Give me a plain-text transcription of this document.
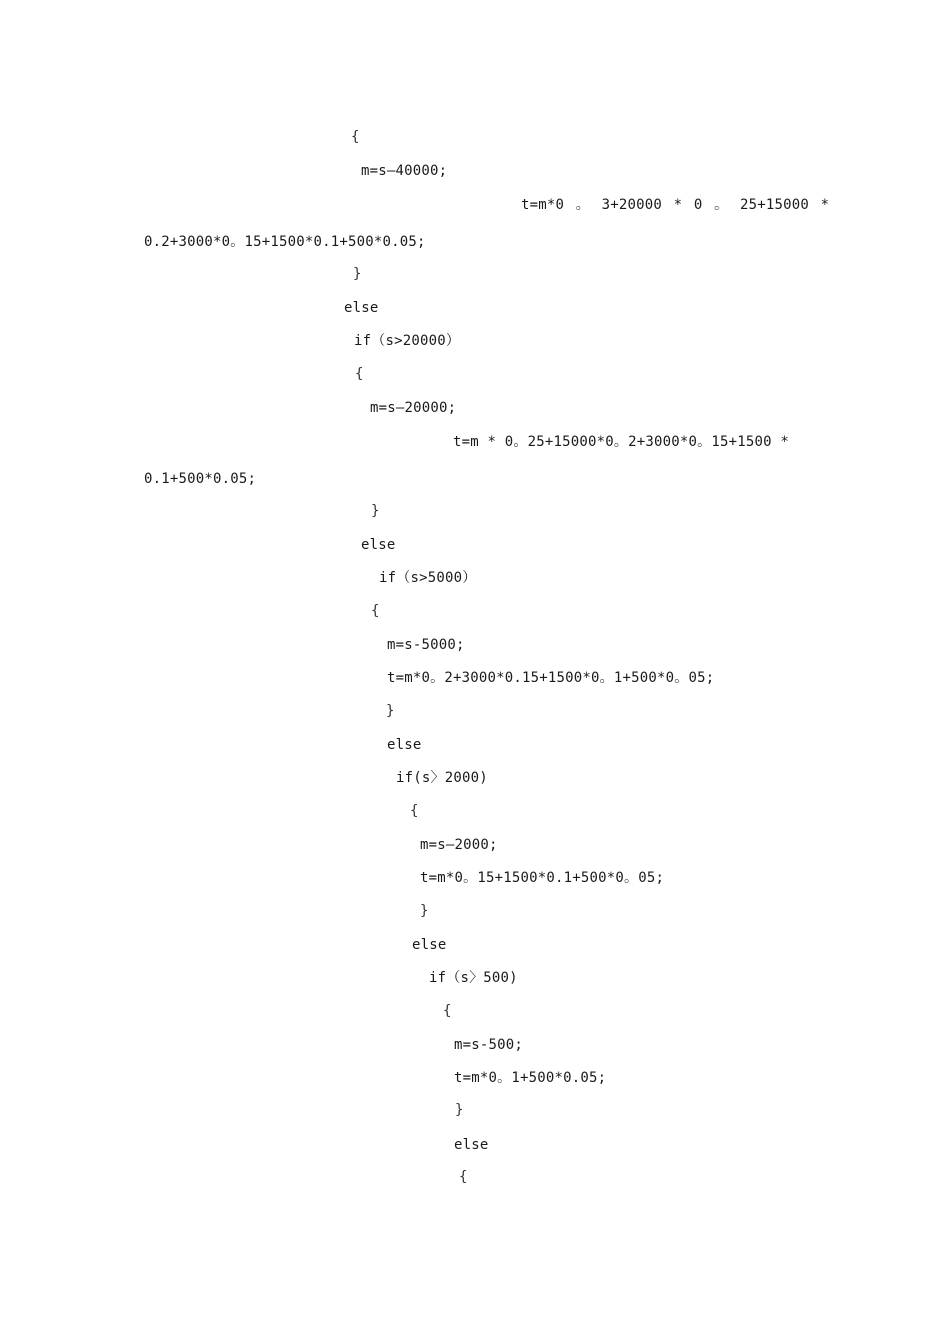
{
m=s—40000;
t=m*0 。 3+20000 * 0 。 25+15000 *
0.2+3000*0。15+1500*0.1+500*0.05;
}
else
if（s>20000）
{
m=s—20000;
t=m * 0。25+15000*0。2+3000*0。15+1500 *
0.1+500*0.05;
}
else
if（s>5000）
{
m=s-5000;
t=m*0。2+3000*0.15+1500*0。1+500*0。05;
}
else
if(s〉2000)
{
m=s—2000;
t=m*0。15+1500*0.1+500*0。05;
}
else
if（s〉500)
{
m=s-500;
t=m*0。1+500*0.05;
}
else
{
